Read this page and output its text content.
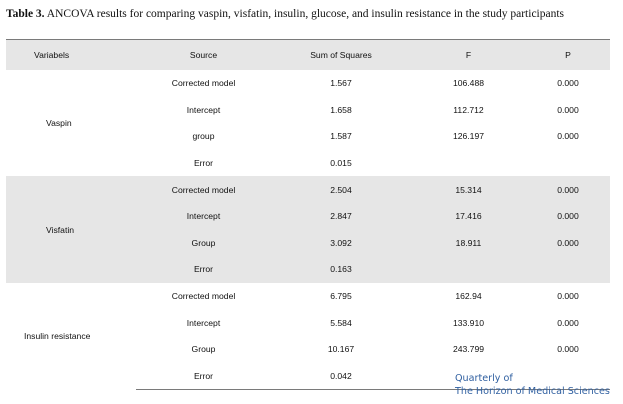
Table 3. ANCOVA results for comparing vaspin, visfatin, insulin, glucose, and insulin resistance in the study participants
Variabels	Source	Sum of Squares	F	P
Vaspin	Corrected model	1.567	106.488	0.000
	Intercept	1.658	112.712	0.000
	group	1.587	126.197	0.000
	Error	0.015		
Visfatin	Corrected model	2.504	15.314	0.000
	Intercept	2.847	17.416	0.000
	Group	3.092	18.911	0.000
	Error	0.163		
Insulin resistance	Corrected model	6.795	162.94	0.000
	Intercept	5.584	133.910	0.000
	Group	10.167	243.799	0.000
	Error	0.042			Quarterly of
The Horizon of Medical Sciences
